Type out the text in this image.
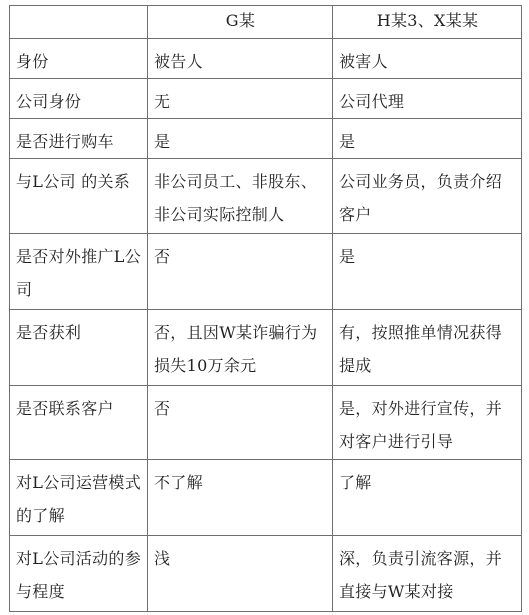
	G某	H某3、X某某
身份	被告人	被害人
公司身份	无	公司代理
是否进行购车	是	是
与L公司 的关系	非公司员工、非股东、非公司实际控制人	公司业务员，负责介绍客户
是否对外推广L公司	否	是
是否获利	否，且因W某诈骗行为损失10万余元	有，按照推单情况获得提成
是否联系客户	否	是，对外进行宣传，并对客户进行引导
对L公司运营模式的了解	不了解	了解
对L公司活动的参与程度	浅	深，负责引流客源，并直接与W某对接
